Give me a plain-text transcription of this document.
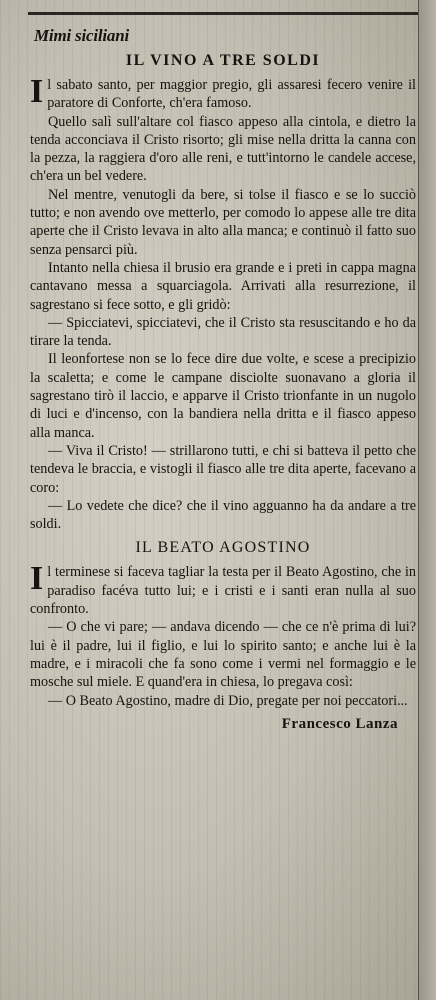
Mimi siciliani
IL VINO A TRE SOLDI

Il sabato santo, per maggior pregio, gli assaresi fecero venire il paratore di Conforte, ch'era famoso.

Quello salì sull'altare col fiasco appeso alla cintola, e dietro la tenda acconciava il Cristo risorto; gli mise nella dritta la canna con la pezza, la raggiera d'oro alle reni, e tutt'intorno le candele accese, ch'era un bel vedere.

Nel mentre, venutogli da bere, si tolse il fiasco e se lo succiò tutto; e non avendo ove metterlo, per comodo lo appese alle tre dita aperte che il Cristo levava in alto alla manca; e continuò il fatto suo senza pensarci più.

Intanto nella chiesa il brusio era grande e i preti in cappa magna cantavano messa a squarciagola. Arrivati alla resurrezione, il sagrestano si fece sotto, e gli gridò:

— Spicciatevi, spicciatevi, che il Cristo sta resuscitando e ho da tirare la tenda.

Il leonfortese non se lo fece dire due volte, e scese a precipizio la scaletta; e come le campane disciolte suonavano a gloria il sagrestano tirò il laccio, e apparve il Cristo trionfante in un nugolo di luci e d'incenso, con la bandiera nella dritta e il fiasco appeso alla manca.

— Viva il Cristo! — strillarono tutti, e chi si batteva il petto che tendeva le braccia, e vistogli il fiasco alle tre dita aperte, facevano a coro:

— Lo vedete che dice? che il vino agguanno ha da andare a tre soldi.

IL BEATO AGOSTINO

Il terminese si faceva tagliar la testa per il Beato Agostino, che in paradiso facéva tutto lui; e i cristi e i santi eran nulla al suo confronto.

— O che vi pare; — andava dicendo — che ce n'è prima di lui? lui è il padre, lui il figlio, e lui lo spirito santo; e anche lui è la madre, e i miracoli che fa sono come i vermi nel formaggio e le mosche sul miele. E quand'era in chiesa, lo pregava così:

— O Beato Agostino, madre di Dio, pregate per noi peccatori...

Francesco Lanza
